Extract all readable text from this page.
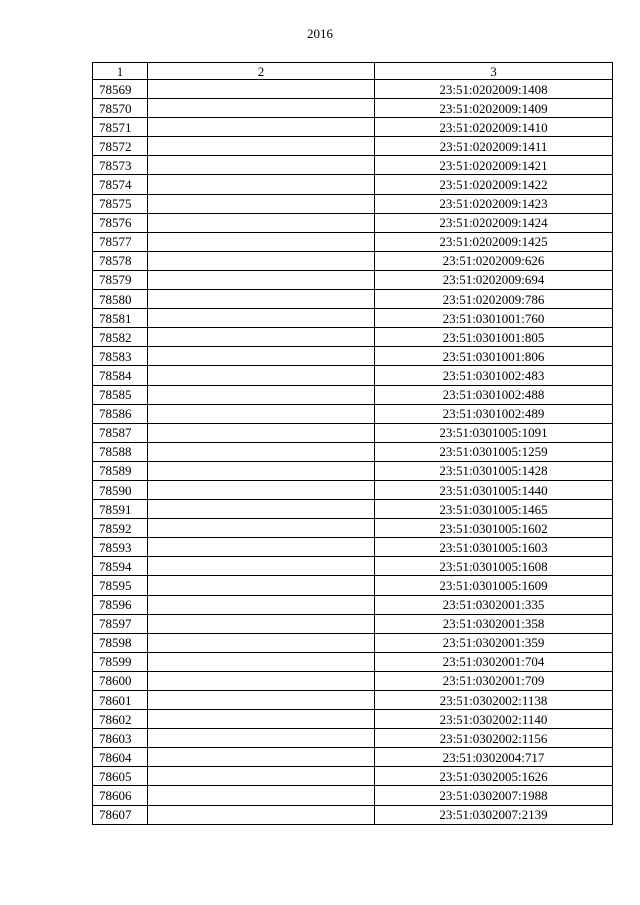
2016
1	2	3
78569		23:51:0202009:1408
78570		23:51:0202009:1409
78571		23:51:0202009:1410
78572		23:51:0202009:1411
78573		23:51:0202009:1421
78574		23:51:0202009:1422
78575		23:51:0202009:1423
78576		23:51:0202009:1424
78577		23:51:0202009:1425
78578		23:51:0202009:626
78579		23:51:0202009:694
78580		23:51:0202009:786
78581		23:51:0301001:760
78582		23:51:0301001:805
78583		23:51:0301001:806
78584		23:51:0301002:483
78585		23:51:0301002:488
78586		23:51:0301002:489
78587		23:51:0301005:1091
78588		23:51:0301005:1259
78589		23:51:0301005:1428
78590		23:51:0301005:1440
78591		23:51:0301005:1465
78592		23:51:0301005:1602
78593		23:51:0301005:1603
78594		23:51:0301005:1608
78595		23:51:0301005:1609
78596		23:51:0302001:335
78597		23:51:0302001:358
78598		23:51:0302001:359
78599		23:51:0302001:704
78600		23:51:0302001:709
78601		23:51:0302002:1138
78602		23:51:0302002:1140
78603		23:51:0302002:1156
78604		23:51:0302004:717
78605		23:51:0302005:1626
78606		23:51:0302007:1988
78607		23:51:0302007:2139
